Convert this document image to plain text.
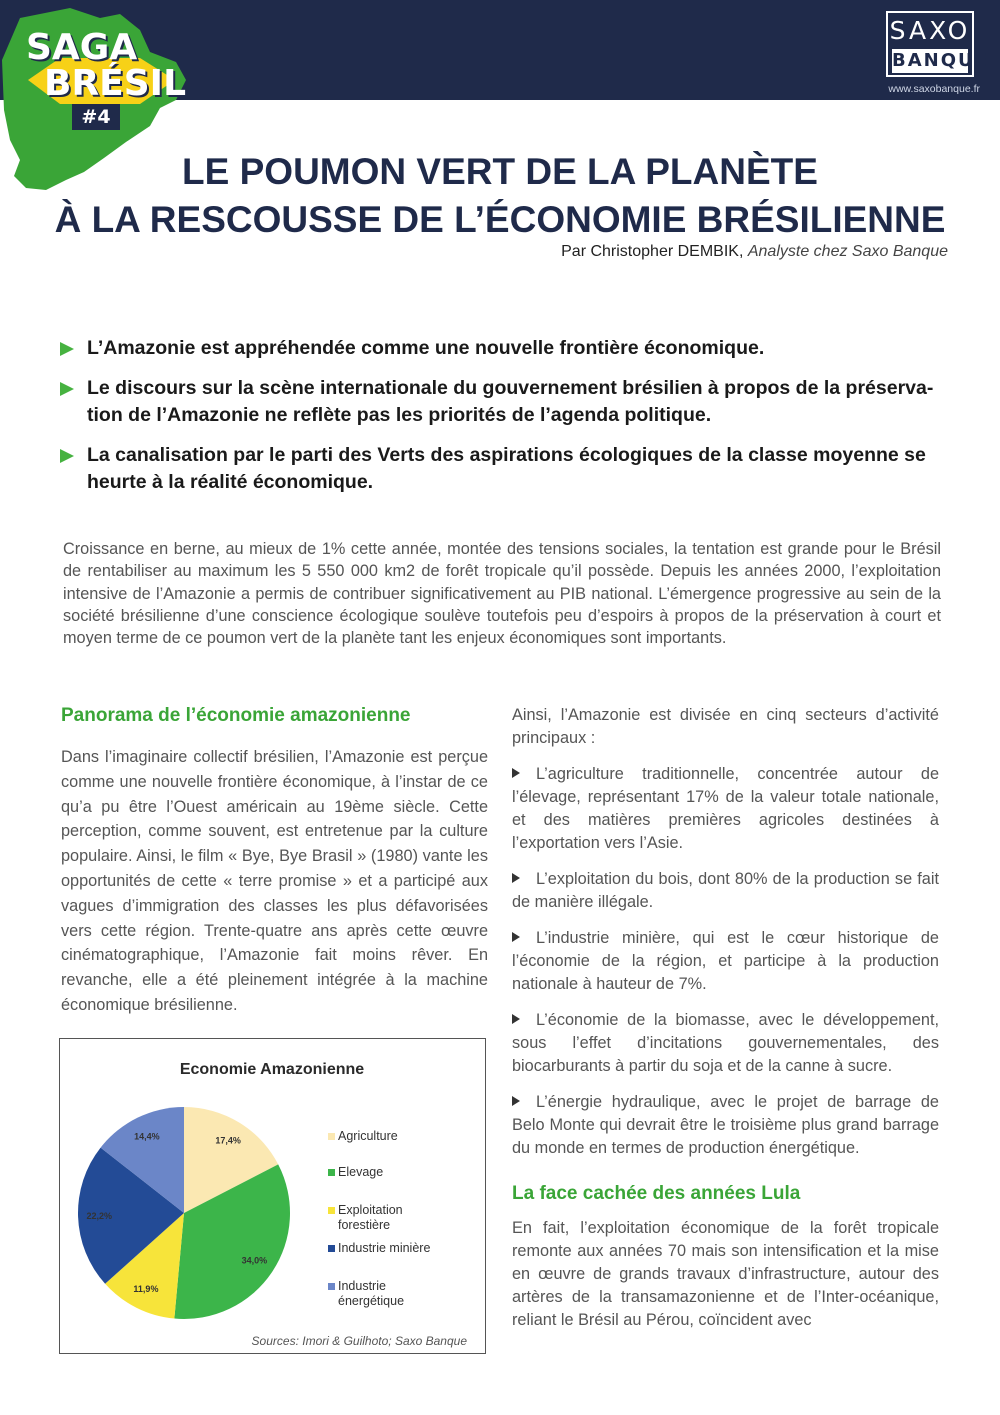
SAGA
BRÉSIL
#4
SAXO
BANQUE
www.saxobanque.fr
LE POUMON VERT DE LA PLANÈTE
À LA RESCOUSSE DE L’ÉCONOMIE BRÉSILIENNE
Par Christopher DEMBIK, Analyste chez Saxo Banque
L’Amazonie est appréhendée comme une nouvelle frontière économique.
Le discours sur la scène internationale du gouvernement brésilien à propos de la préserva-tion de l’Amazonie ne reflète pas les priorités de l’agenda politique.
La canalisation par le parti des Verts des aspirations écologiques de la classe moyenne se heurte à la réalité économique.
Croissance en berne, au mieux de 1% cette année, montée des tensions sociales, la tentation est grande pour le Brésil de rentabiliser au maximum les 5 550 000 km2 de forêt tropicale qu’il possède. Depuis les années 2000, l’exploitation intensive de l’Amazonie a permis de contribuer significativement au PIB national. L’émergence progressive au sein de la société brésilienne d’une conscience écologique soulève toutefois peu d’espoirs à propos de la préservation à court et moyen terme de ce poumon vert de la planète tant les enjeux économiques sont importants.
Panorama de l’économie amazonienne
Dans l’imaginaire collectif brésilien, l’Amazonie est perçue comme une nouvelle frontière économique, à l’instar de ce qu’a pu être l’Ouest américain au 19ème siècle. Cette perception, comme souvent, est entretenue par la culture populaire. Ainsi, le film « Bye, Bye Brasil » (1980) vante les opportunités de cette « terre promise » et a participé aux vagues d’immigration des classes les plus défavorisées vers cette région. Trente-quatre ans après cette œuvre cinématographique, l’Amazonie fait moins rêver. En revanche, elle a été pleinement intégrée à la machine économique brésilienne.
Economie Amazonienne
17,4%
34,0%
11,9%
22,2%
14,4%	Agriculture
Elevage
Exploitation forestière
Industrie minière
Industrie énergétique
Sources: Imori & Guilhoto; Saxo Banque
Ainsi, l’Amazonie est divisée en cinq secteurs d’activité principaux :
L’agriculture traditionnelle, concentrée autour de l’élevage, représentant 17% de la valeur totale nationale, et des matières premières agricoles destinées à l’exportation vers l’Asie.
L’exploitation du bois, dont 80% de la production se fait de manière illégale.
L’industrie minière, qui est le cœur historique de l’économie de la région, et participe à la production nationale à hauteur de 7%.
L’économie de la biomasse, avec le développement, sous l’effet d’incitations gouvernementales, des biocarburants à partir du soja et de la canne à sucre.
L’énergie hydraulique, avec le projet de barrage de Belo Monte qui devrait être le troisième plus grand barrage du monde en termes de production énergétique.
La face cachée des années Lula
En fait, l’exploitation économique de la forêt tropicale remonte aux années 70 mais son intensification et la mise en œuvre de grands travaux d’infrastructure, autour des artères de la transamazonienne et de l’Inter-océanique, reliant le Brésil au Pérou, coïncident avec
